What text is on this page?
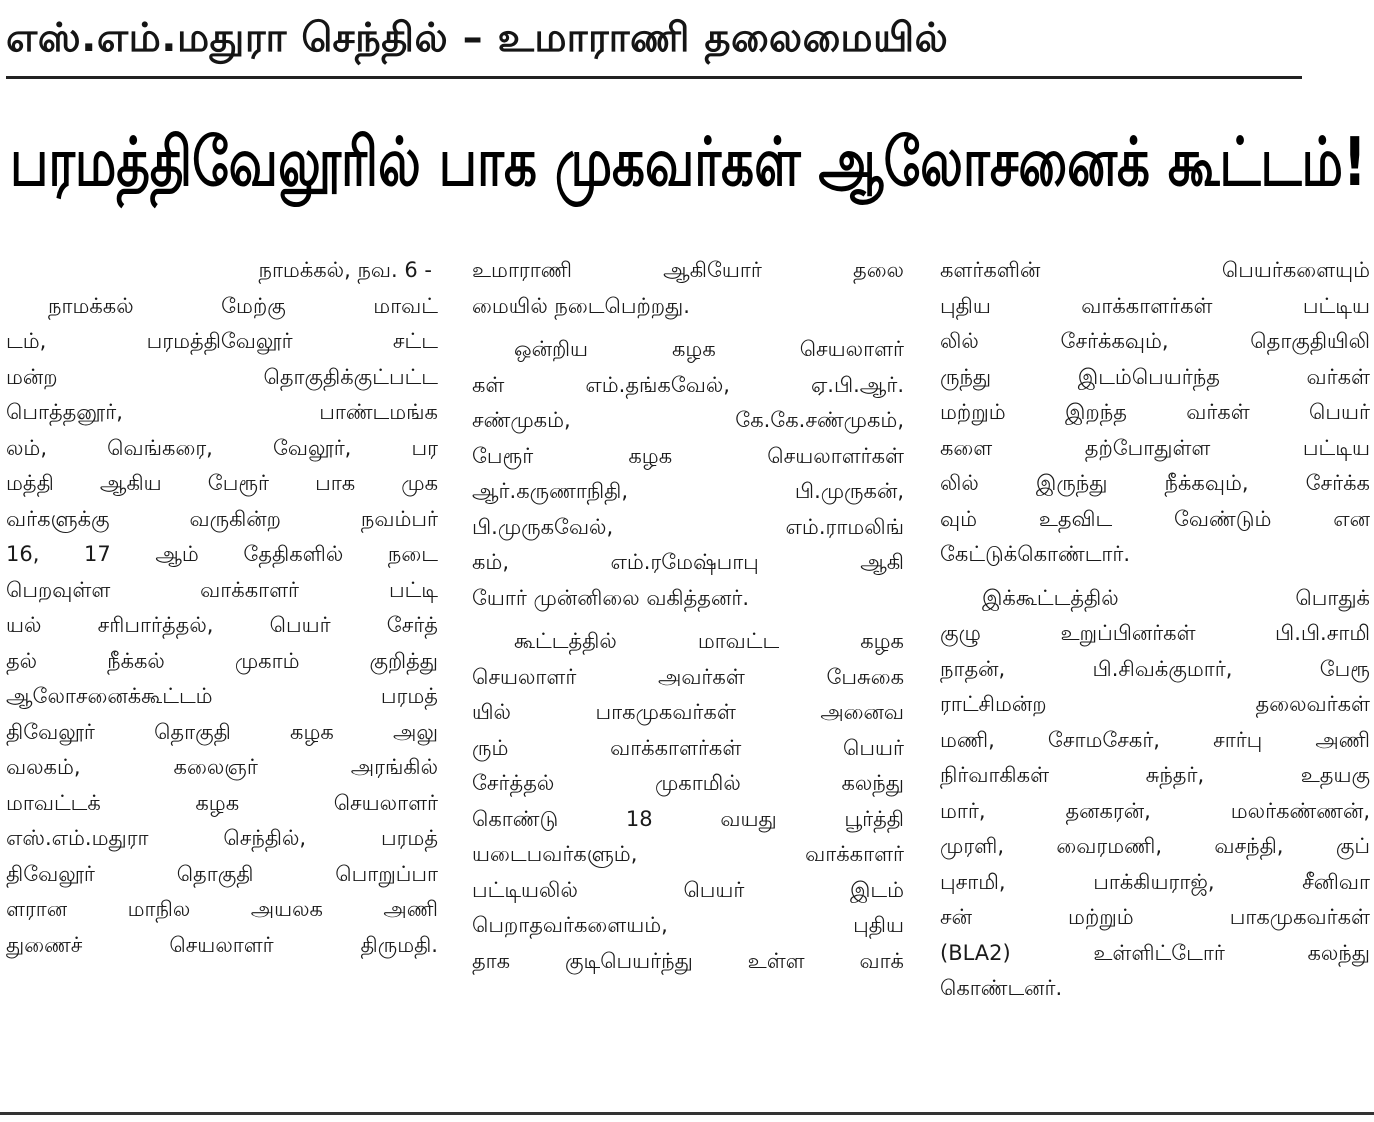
எஸ்.எம்.மதுரா செந்தில் – உமாராணி தலைமையில்
பரமத்திவேலூரில் பாக முகவர்கள் ஆலோசனைக் கூட்டம்!
நாமக்கல், நவ. 6 -
நாமக்கல் மேற்கு மாவட்
டம், பரமத்திவேலூர் சட்ட
மன்ற தொகுதிக்குட்பட்ட
பொத்தனூர், பாண்டமங்க
லம், வெங்கரை, வேலூர், பர
மத்தி ஆகிய பேரூர் பாக முக
வர்களுக்கு வருகின்ற நவம்பர்
16, 17 ஆம் தேதிகளில் நடை
பெறவுள்ள வாக்காளர் பட்டி
யல் சரிபார்த்தல், பெயர் சேர்த்
தல் நீக்கல் முகாம் குறித்து
ஆலோசனைக்கூட்டம் பரமத்
திவேலூர் தொகுதி கழக அலு
வலகம், கலைஞர் அரங்கில்
மாவட்டக் கழக செயலாளர்
எஸ்.எம்.மதுரா செந்தில், பரமத்
திவேலூர் தொகுதி பொறுப்பா
ளரான மாநில அயலக அணி
துணைச் செயலாளர் திருமதி.
உமாராணி ஆகியோர் தலை
மையில் நடைபெற்றது.
ஒன்றிய கழக செயலாளர்
கள் எம்.தங்கவேல், ஏ.பி.ஆர்.
சண்முகம், கே.கே.சண்முகம்,
பேரூர் கழக செயலாளர்கள்
ஆர்.கருணாநிதி, பி.முருகன்,
பி.முருகவேல், எம்.ராமலிங்
கம், எம்.ரமேஷ்பாபு ஆகி
யோர் முன்னிலை வகித்தனர்.
கூட்டத்தில் மாவட்ட கழக
செயலாளர் அவர்கள் பேசுகை
யில் பாகமுகவர்கள் அனைவ
ரும் வாக்காளர்கள் பெயர்
சேர்த்தல் முகாமில் கலந்து
கொண்டு 18 வயது பூர்த்தி
யடைபவர்களும், வாக்காளர்
பட்டியலில் பெயர் இடம்
பெறாதவர்களையம், புதிய
தாக குடிபெயர்ந்து உள்ள வாக்
களர்களின் பெயர்களையும்
புதிய வாக்காளர்கள் பட்டிய
லில் சேர்க்கவும், தொகுதியிலி
ருந்து இடம்பெயர்ந்த வர்கள்
மற்றும் இறந்த வர்கள் பெயர்
களை தற்போதுள்ள பட்டிய
லில் இருந்து நீக்கவும், சேர்க்க
வும் உதவிட வேண்டும் என
கேட்டுக்கொண்டார்.
இக்கூட்டத்தில் பொதுக்
குழு உறுப்பினர்கள் பி.பி.சாமி
நாதன், பி.சிவக்குமார், பேரூ
ராட்சிமன்ற தலைவர்கள்
மணி, சோமசேகர், சார்பு அணி
நிர்வாகிகள் சுந்தர், உதயகு
மார், தனகரன், மலர்கண்ணன்,
முரளி, வைரமணி, வசந்தி, குப்
புசாமி, பாக்கியராஜ், சீனிவா
சன் மற்றும் பாகமுகவர்கள்
(BLA2) உள்ளிட்டோர் கலந்து
கொண்டனர்.
